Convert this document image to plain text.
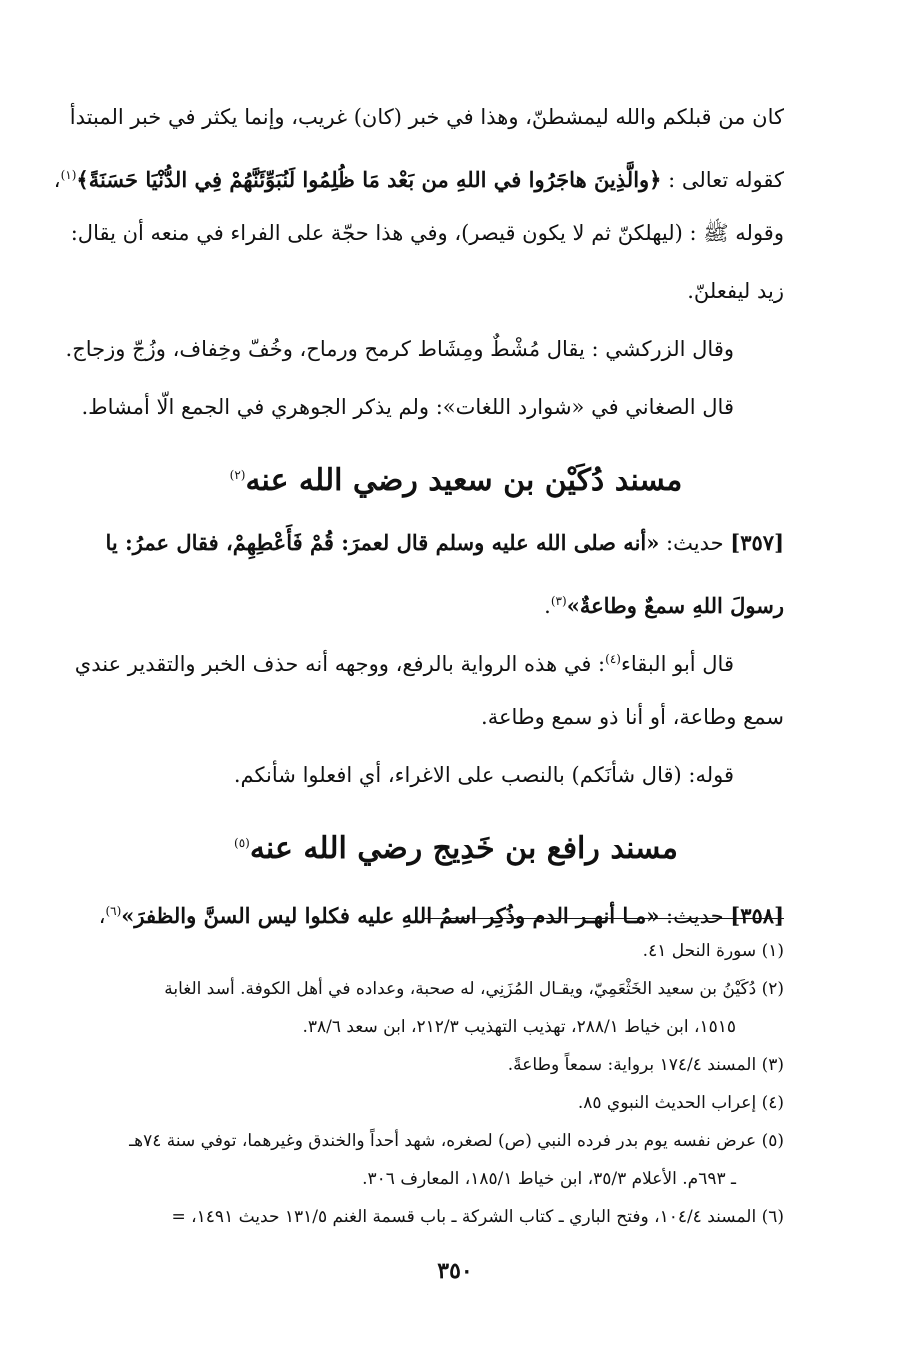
كان من قبلكم والله ليمشطنّ، وهذا في خبر (كان) غريب، وإنما يكثر في خبر المبتدأ
كقوله تعالى : ﴿والَّذِينَ هاجَرُوا في اللهِ من بَعْد مَا ظُلِمُوا لَنُبَوِّئَنَّهُمْ فِي الدُّنْيَا حَسَنَةً﴾$^{(١)}$،
وقوله ﷺ : (ليهلكنّ ثم لا يكون قيصر)، وفي هذا حجّة على الفراء في منعه أن يقال:
زيد ليفعلنّ.
وقال الزركشي : يقال مُشْطٌ ومِشَاط كرمح ورماح، وخُفّ وخِفاف، وزُجّ وزجاج.
قال الصغاني في «شوارد اللغات»: ولم يذكر الجوهري في الجمع الّا أمشاط.
مسند دُكَيْن بن سعيد رضي الله عنه$^{(٢)}$
[٣٥٧] حديث: «أنه صلى الله عليه وسلم قال لعمرَ: قُمْ فَأَعْطِهِمْ، فقال عمرُ: يا
رسولَ اللهِ سمعٌ وطاعةٌ»$^{(٣)}$.
قال أبو البقاء$^{(٤)}$: في هذه الرواية بالرفع، ووجهه أنه حذف الخبر والتقدير عندي
سمع وطاعة، أو أنا ذو سمع وطاعة.
قوله: (قال شأنَكم) بالنصب على الاغراء، أي افعلوا شأنكم.
مسند رافع بن خَدِيج رضي الله عنه$^{(٥)}$
[٣٥٨] حديث: «مـا أنهـر الدم وذُكِر اسمُ اللهِ عليه فكلوا ليس السنَّ والظفرَ»$^{(٦)}$،
(١) سورة النحل ٤١.
(٢) دُكَيْنُ بن سعيد الخَثْعَمِيّ، ويقـال المُزَنِي، له صحبة، وعداده في أهل الكوفة. أسد الغابة
١٥١٥، ابن خياط ٢٨٨/١، تهذيب التهذيب ٢١٢/٣، ابن سعد ٣٨/٦.
(٣) المسند ١٧٤/٤ برواية: سمعاً وطاعةً.
(٤) إعراب الحديث النبوي ٨٥.
(٥) عرض نفسه يوم بدر فرده النبي (ص) لصغره، شهد أحداً والخندق وغيرهما، توفي سنة ٧٤هـ
ـ ٦٩٣م. الأعلام ٣٥/٣، ابن خياط ١٨٥/١، المعارف ٣٠٦.
(٦) المسند ١٠٤/٤، وفتح الباري ـ كتاب الشركة ـ باب قسمة الغنم ١٣١/٥ حديث ١٤٩١، =
٣٥٠
